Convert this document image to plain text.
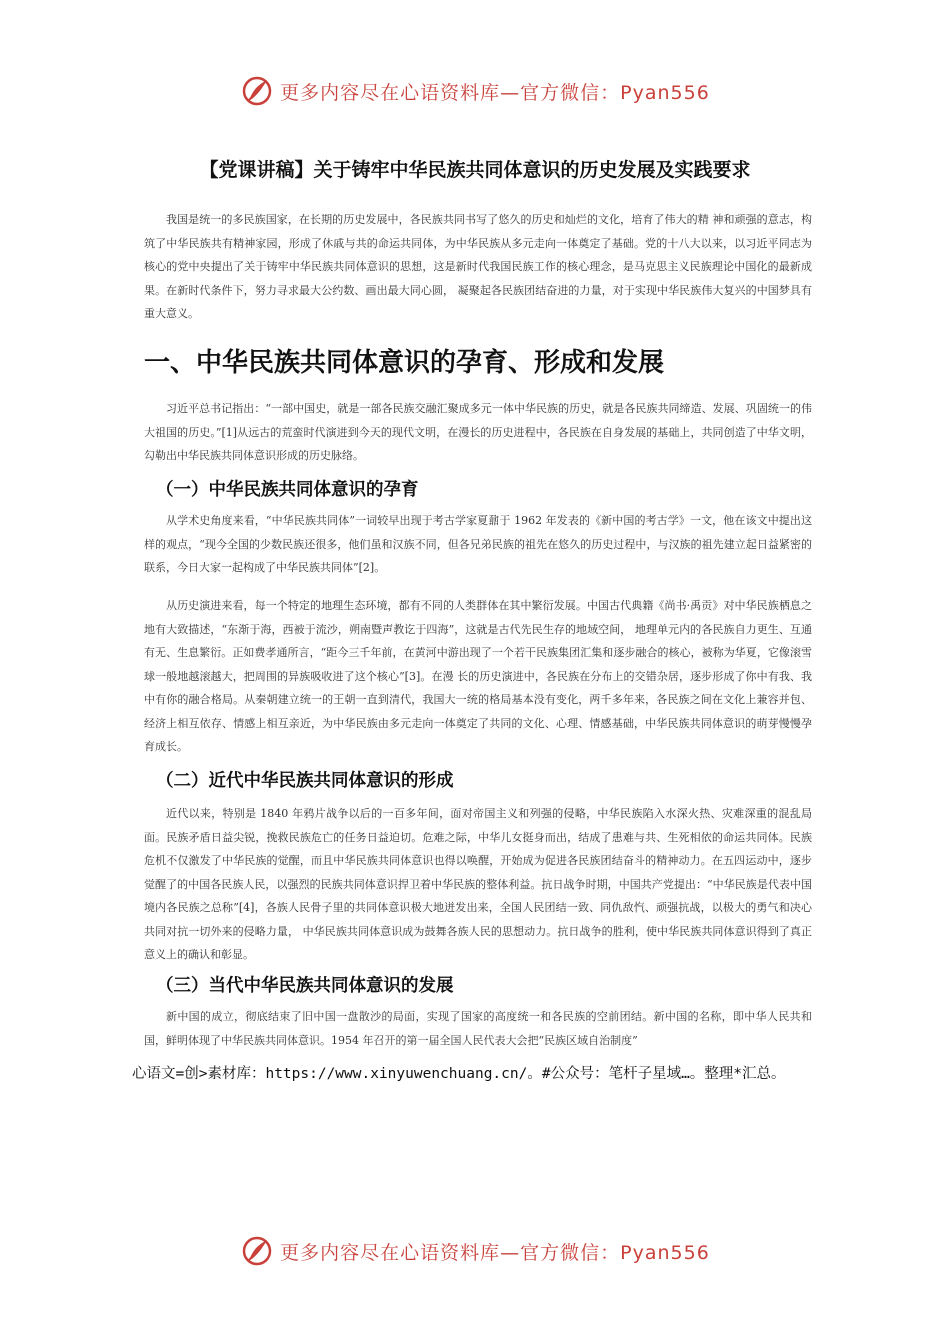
更多内容尽在心语资料库—官方微信：Pyan556
【党课讲稿】关于铸牢中华民族共同体意识的历史发展及实践要求

我国是统一的多民族国家，在长期的历史发展中，各民族共同书写了悠久的历史和灿烂的文化，培育了伟大的精 神和顽强的意志，构筑了中华民族共有精神家园，形成了休戚与共的命运共同体，为中华民族从多元走向一体奠定了基础。党的十八大以来，以习近平同志为核心的党中央提出了关于铸牢中华民族共同体意识的思想，这是新时代我国民族工作的核心理念，是马克思主义民族理论中国化的最新成果。在新时代条件下，努力寻求最大公约数、画出最大同心圆， 凝聚起各民族团结奋进的力量，对于实现中华民族伟大复兴的中国梦具有重大意义。

一、中华民族共同体意识的孕育、形成和发展

习近平总书记指出：“一部中国史，就是一部各民族交融汇聚成多元一体中华民族的历史，就是各民族共同缔造、发展、巩固统一的伟大祖国的历史。”[1]从远古的荒蛮时代演进到今天的现代文明，在漫长的历史进程中，各民族在自身发展的基础上，共同创造了中华文明，勾勒出中华民族共同体意识形成的历史脉络。

（一）中华民族共同体意识的孕育

从学术史角度来看，“中华民族共同体”一词较早出现于考古学家夏鼐于 1962 年发表的《新中国的考古学》一文，他在该文中提出这样的观点，“现今全国的少数民族还很多，他们虽和汉族不同，但各兄弟民族的祖先在悠久的历史过程中，与汉族的祖先建立起日益紧密的联系，今日大家一起构成了中华民族共同体”[2]。

从历史演进来看，每一个特定的地理生态环境，都有不同的人类群体在其中繁衍发展。中国古代典籍《尚书·禹贡》对中华民族栖息之地有大致描述，“东渐于海，西被于流沙，朔南暨声教讫于四海”，这就是古代先民生存的地域空间， 地理单元内的各民族自力更生、互通有无、生息繁衍。正如费孝通所言，“距今三千年前，在黄河中游出现了一个若干民族集团汇集和逐步融合的核心，被称为华夏，它像滚雪球一般地越滚越大，把周围的异族吸收进了这个核心”[3]。在漫 长的历史演进中，各民族在分布上的交错杂居，逐步形成了你中有我、我中有你的融合格局。从秦朝建立统一的王朝一直到清代，我国大一统的格局基本没有变化，两千多年来，各民族之间在文化上兼容并包、经济上相互依存、情感上相互亲近，为中华民族由多元走向一体奠定了共同的文化、心理、情感基础，中华民族共同体意识的萌芽慢慢孕育成长。

（二）近代中华民族共同体意识的形成

近代以来，特别是 1840 年鸦片战争以后的一百多年间，面对帝国主义和列强的侵略，中华民族陷入水深火热、灾难深重的混乱局面。民族矛盾日益尖锐，挽救民族危亡的任务日益迫切。危难之际，中华儿女挺身而出，结成了患难与共、生死相依的命运共同体。民族危机不仅激发了中华民族的觉醒，而且中华民族共同体意识也得以唤醒，开始成为促进各民族团结奋斗的精神动力。在五四运动中，逐步觉醒了的中国各民族人民，以强烈的民族共同体意识捍卫着中华民族的整体利益。抗日战争时期，中国共产党提出：“中华民族是代表中国境内各民族之总称”[4]，各族人民骨子里的共同体意识极大地迸发出来，全国人民团结一致、同仇敌忾、顽强抗战，以极大的勇气和决心共同对抗一切外来的侵略力量， 中华民族共同体意识成为鼓舞各族人民的思想动力。抗日战争的胜利，使中华民族共同体意识得到了真正意义上的确认和彰显。

（三）当代中华民族共同体意识的发展

新中国的成立，彻底结束了旧中国一盘散沙的局面，实现了国家的高度统一和各民族的空前团结。新中国的名称，即中华人民共和国，鲜明体现了中华民族共同体意识。1954 年召开的第一届全国人民代表大会把“民族区域自治制度”

心语文=创>素材库：https://www.xinyuwenchuang.cn/。#公众号：笔杆子星域…。整理*汇总。

更多内容尽在心语资料库—官方微信：Pyan556
